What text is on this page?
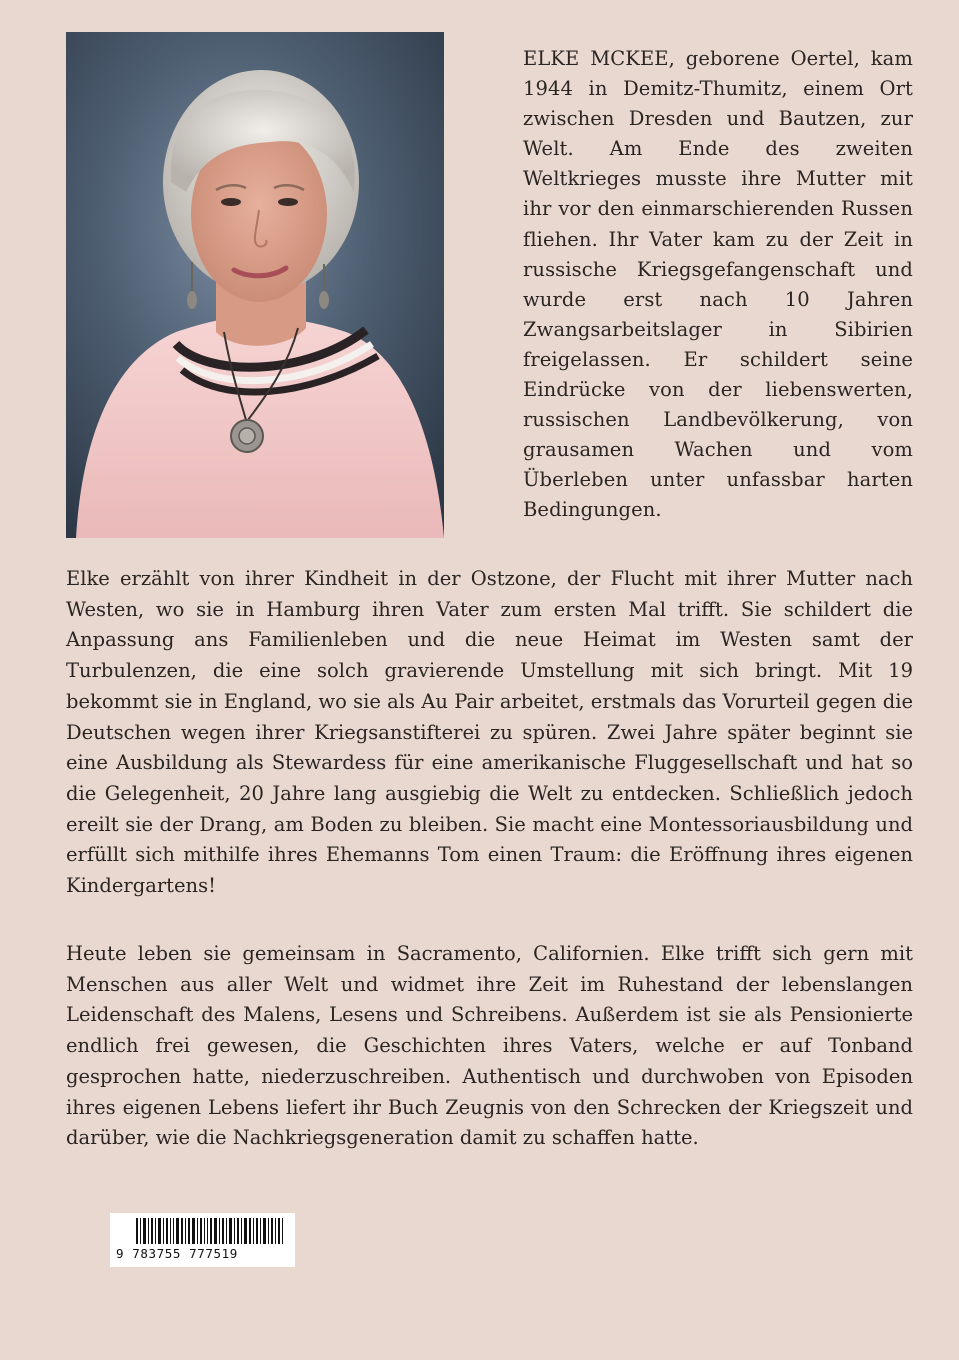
ELKE MCKEE, geborene Oertel, kam 1944 in Demitz-Thumitz, einem Ort zwischen Dresden und Bautzen, zur Welt. Am Ende des zweiten Weltkrieges musste ihre Mutter mit ihr vor den einmarschierenden Russen fliehen. Ihr Vater kam zu der Zeit in russische Kriegsgefangenschaft und wurde erst nach 10 Jahren Zwangsarbeitslager in Sibirien freigelassen. Er schildert seine Eindrücke von der liebenswerten, russischen Landbevölkerung, von grausamen Wachen und vom Überleben unter unfassbar harten Bedingungen.

Elke erzählt von ihrer Kindheit in der Ostzone, der Flucht mit ihrer Mutter nach Westen, wo sie in Hamburg ihren Vater zum ersten Mal trifft. Sie schildert die Anpassung ans Familienleben und die neue Heimat im Westen samt der Turbulenzen, die eine solch gravierende Umstellung mit sich bringt. Mit 19 bekommt sie in England, wo sie als Au Pair arbeitet, erstmals das Vorurteil gegen die Deutschen wegen ihrer Kriegsanstifterei zu spüren. Zwei Jahre später beginnt sie eine Ausbildung als Stewardess für eine amerikanische Fluggesellschaft und hat so die Gelegenheit, 20 Jahre lang ausgiebig die Welt zu entdecken. Schließlich jedoch ereilt sie der Drang, am Boden zu bleiben. Sie macht eine Montessoriausbildung und erfüllt sich mithilfe ihres Ehemanns Tom einen Traum: die Eröffnung ihres eigenen Kindergartens!

Heute leben sie gemeinsam in Sacramento, Californien. Elke trifft sich gern mit Menschen aus aller Welt und widmet ihre Zeit im Ruhestand der lebenslangen Leidenschaft des Malens, Lesens und Schreibens. Außerdem ist sie als Pensionierte endlich frei gewesen, die Geschichten ihres Vaters, welche er auf Tonband gesprochen hatte, niederzuschreiben. Authentisch und durchwoben von Episoden ihres eigenen Lebens liefert ihr Buch Zeugnis von den Schrecken der Kriegszeit und darüber, wie die Nachkriegsgeneration damit zu schaffen hatte.

9 783755 777519
